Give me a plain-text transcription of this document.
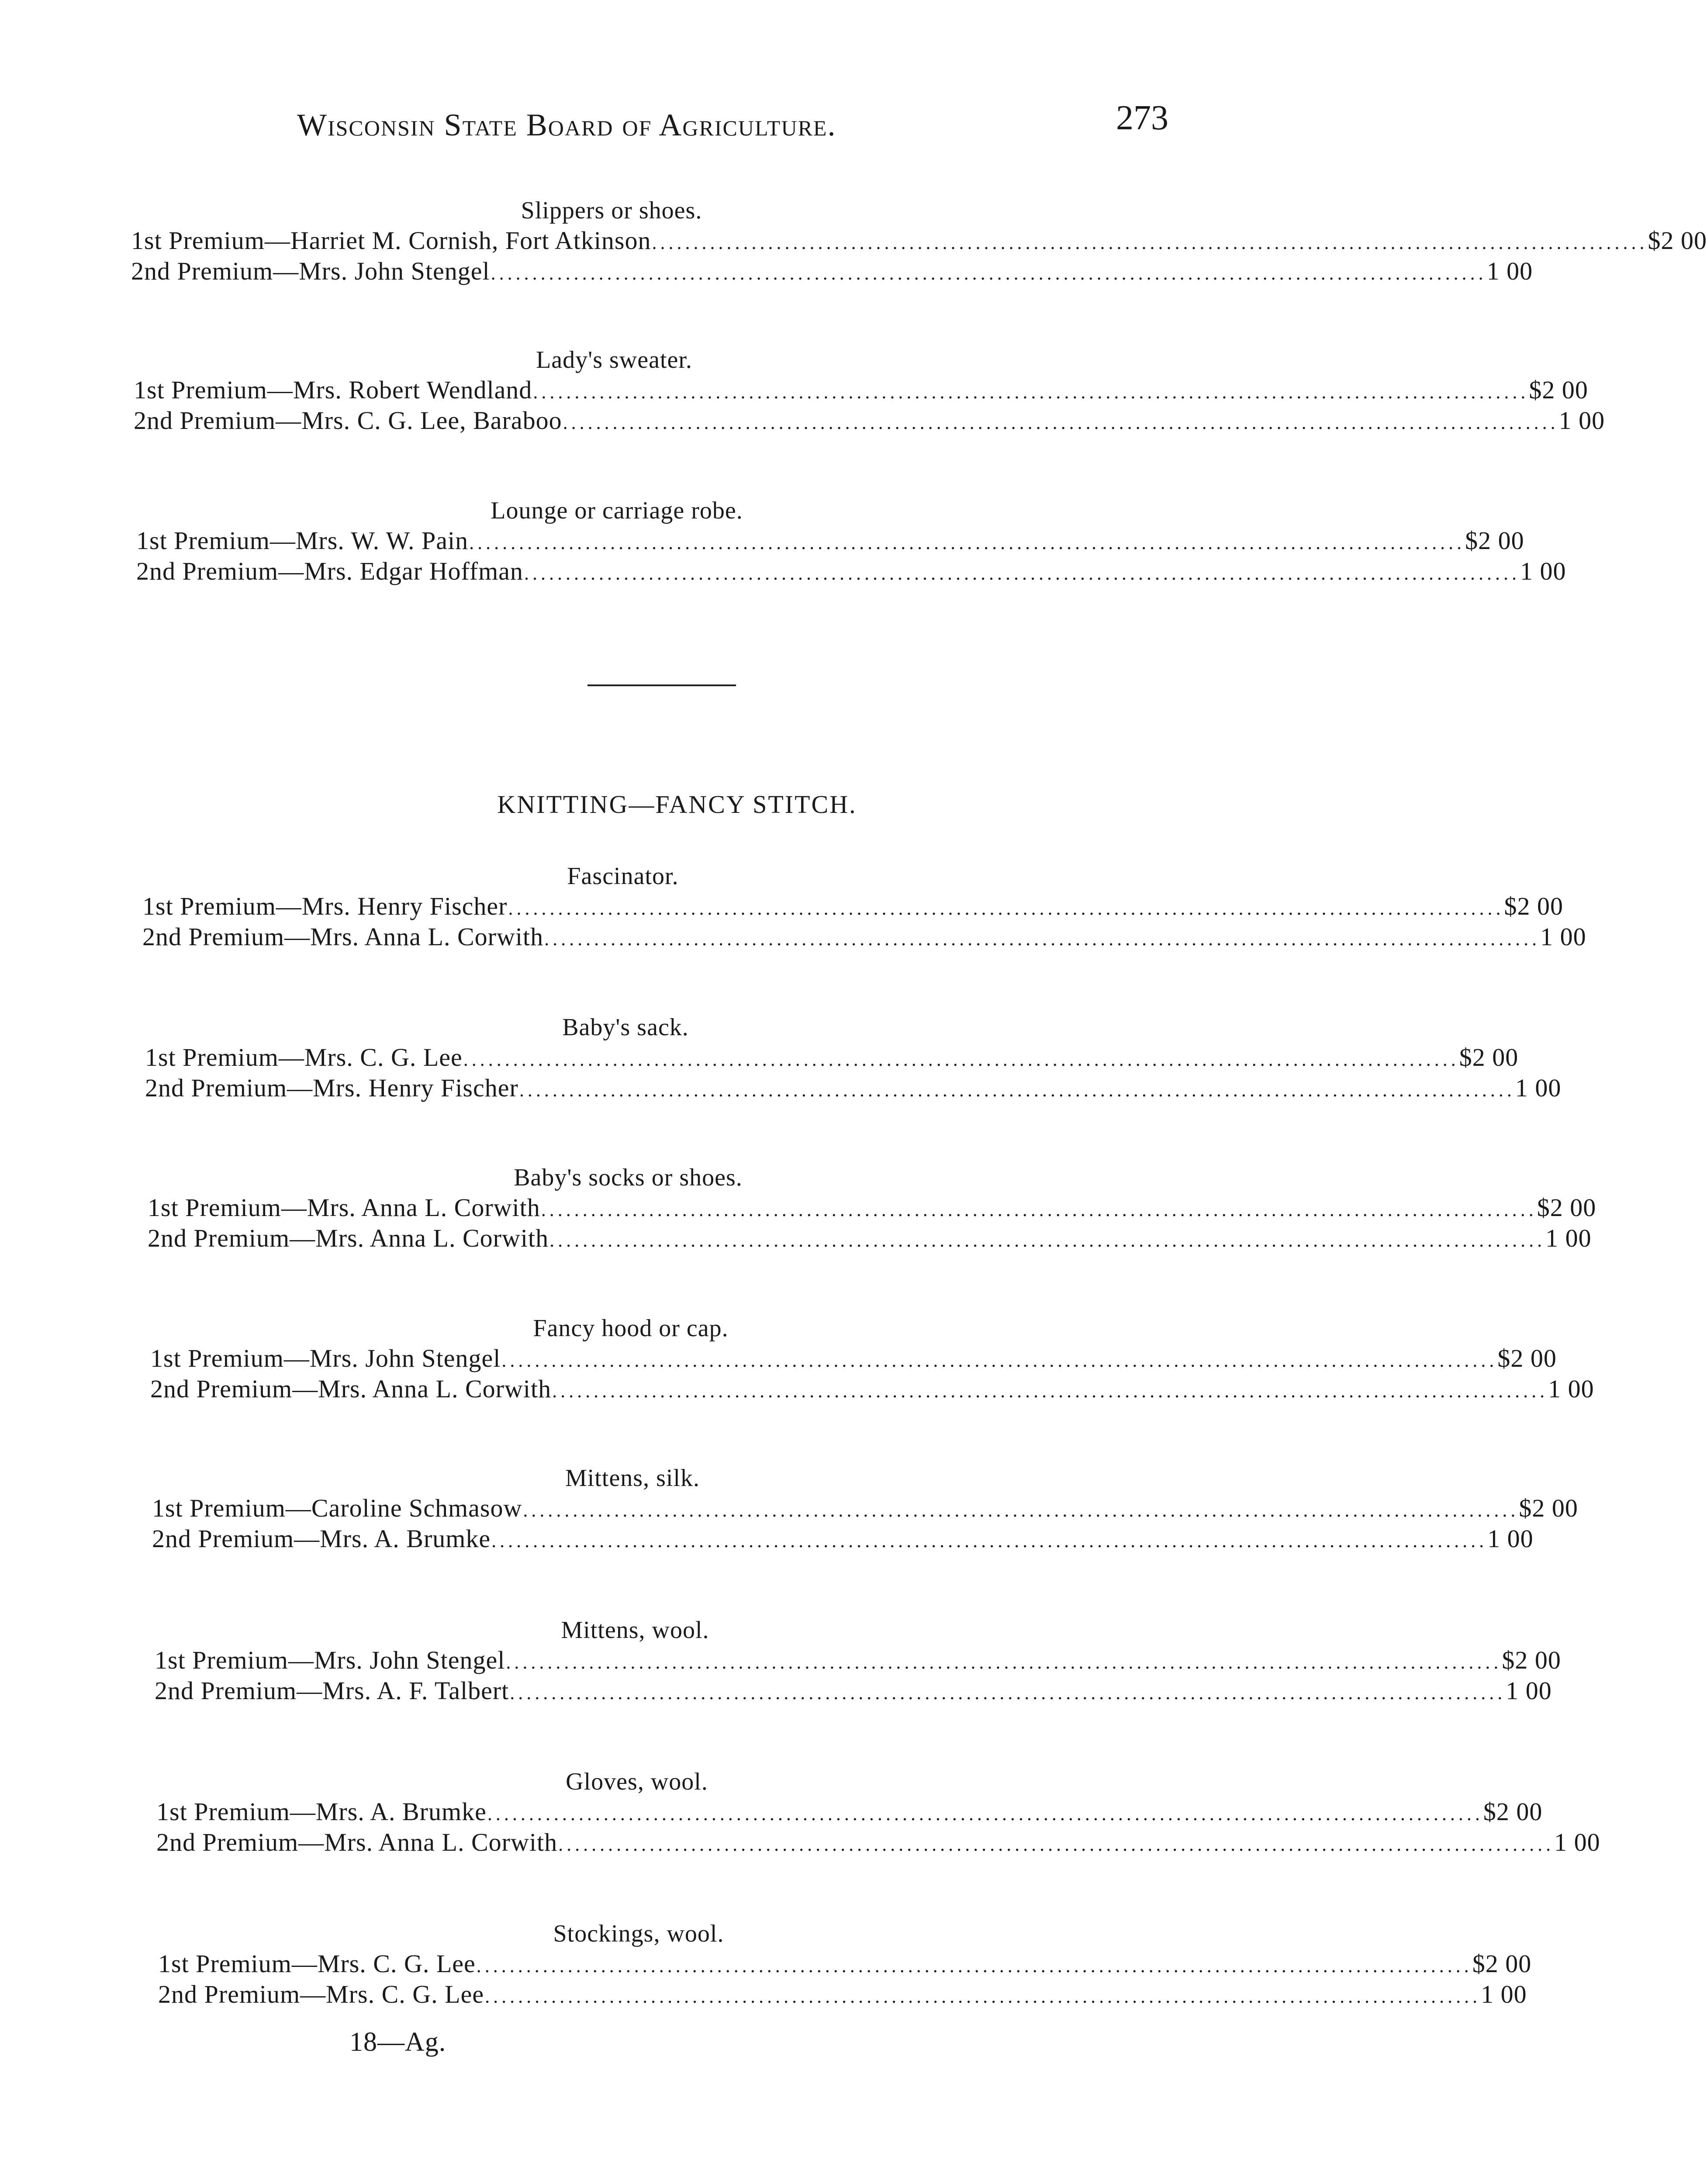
Wisconsin State Board of Agriculture.	273
Slippers or shoes.
1st Premium—Harriet M. Cornish, Fort Atkinson ........................................................................................................................ $2 00
2nd Premium—Mrs. John Stengel ........................................................................................................................ 1 00
Lady's sweater.
1st Premium—Mrs. Robert Wendland ........................................................................................................................ $2 00
2nd Premium—Mrs. C. G. Lee, Baraboo ........................................................................................................................ 1 00
Lounge or carriage robe.
1st Premium—Mrs. W. W. Pain ........................................................................................................................ $2 00
2nd Premium—Mrs. Edgar Hoffman ........................................................................................................................ 1 00
KNITTING—FANCY STITCH.
Fascinator.
1st Premium—Mrs. Henry Fischer ........................................................................................................................ $2 00
2nd Premium—Mrs. Anna L. Corwith ........................................................................................................................ 1 00
Baby's sack.
1st Premium—Mrs. C. G. Lee ........................................................................................................................ $2 00
2nd Premium—Mrs. Henry Fischer ........................................................................................................................ 1 00
Baby's socks or shoes.
1st Premium—Mrs. Anna L. Corwith ........................................................................................................................ $2 00
2nd Premium—Mrs. Anna L. Corwith ........................................................................................................................ 1 00
Fancy hood or cap.
1st Premium—Mrs. John Stengel ........................................................................................................................ $2 00
2nd Premium—Mrs. Anna L. Corwith ........................................................................................................................ 1 00
Mittens, silk.
1st Premium—Caroline Schmasow ........................................................................................................................ $2 00
2nd Premium—Mrs. A. Brumke ........................................................................................................................ 1 00
Mittens, wool.
1st Premium—Mrs. John Stengel ........................................................................................................................ $2 00
2nd Premium—Mrs. A. F. Talbert ........................................................................................................................ 1 00
Gloves, wool.
1st Premium—Mrs. A. Brumke ........................................................................................................................ $2 00
2nd Premium—Mrs. Anna L. Corwith ........................................................................................................................ 1 00
Stockings, wool.
1st Premium—Mrs. C. G. Lee ........................................................................................................................ $2 00
2nd Premium—Mrs. C. G. Lee ........................................................................................................................ 1 00
18—Ag.
